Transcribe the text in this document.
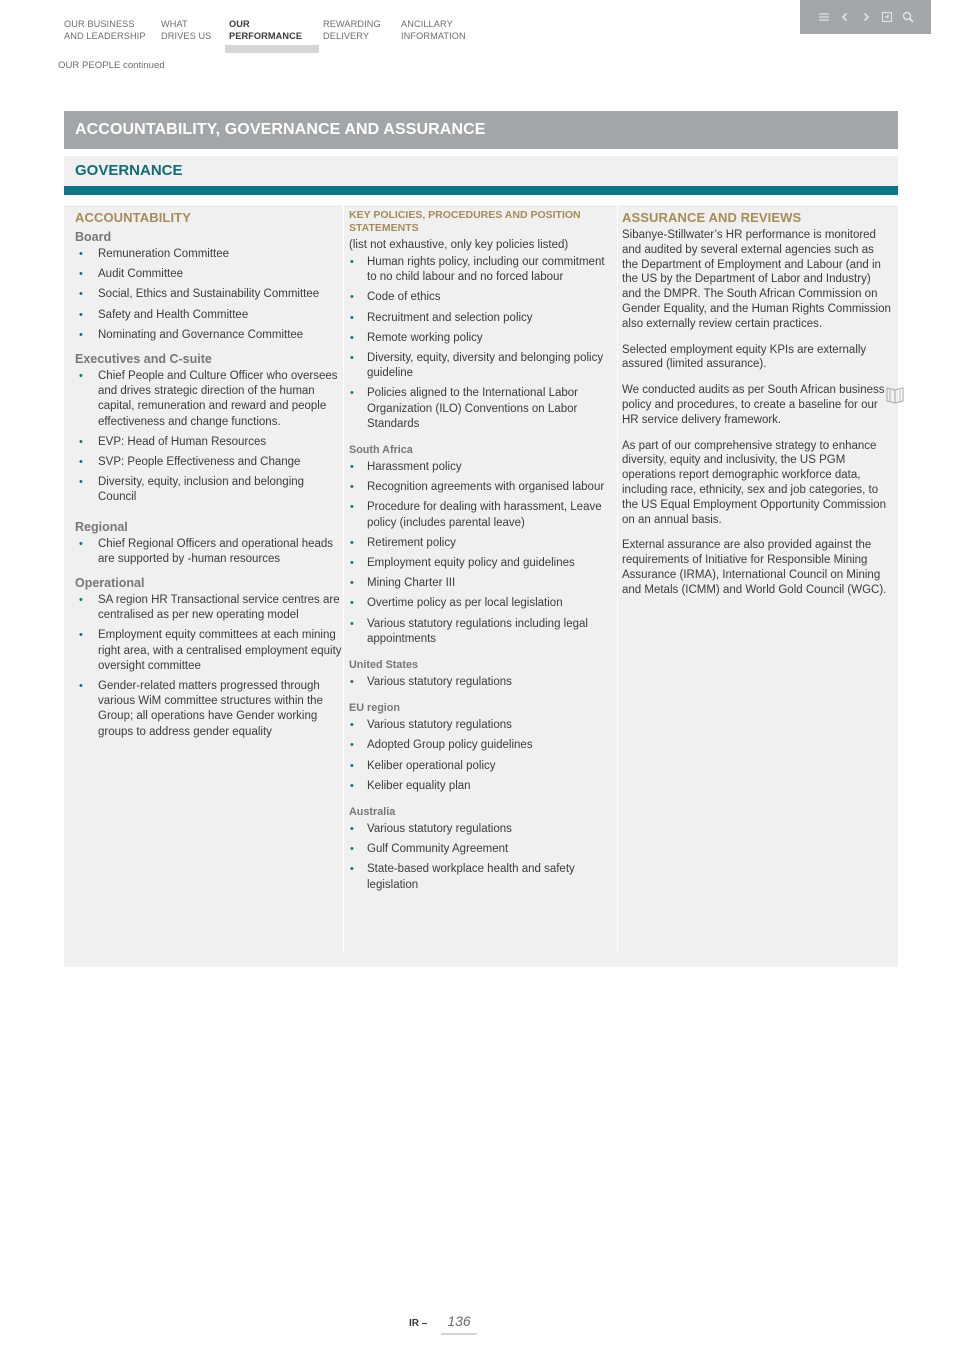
OUR BUSINESS
AND LEADERSHIP
WHAT
DRIVES US
OUR
PERFORMANCE
REWARDING
DELIVERY
ANCILLARY
INFORMATION
OUR PEOPLE continued
ACCOUNTABILITY, GOVERNANCE AND ASSURANCE
GOVERNANCE
ACCOUNTABILITY
Board
• Remuneration Committee
• Audit Committee
• Social, Ethics and Sustainability Committee
• Safety and Health Committee
• Nominating and Governance Committee
Executives and C-suite
• Chief People and Culture Officer who oversees and drives strategic direction of the human capital, remuneration and reward and people effectiveness and change functions.
• EVP: Head of Human Resources
• SVP: People Effectiveness and Change
• Diversity, equity, inclusion and belonging Council
Regional
• Chief Regional Officers and operational heads are supported by -human resources
Operational
• SA region HR Transactional service centres are centralised as per new operating model
• Employment equity committees at each mining right area, with a centralised employment equity oversight committee
• Gender-related matters progressed through various WiM committee structures within the Group; all operations have Gender working groups to address gender equality
KEY POLICIES, PROCEDURES AND POSITION STATEMENTS
(list not exhaustive, only key policies listed)
• Human rights policy, including our commitment to no child labour and no forced labour
• Code of ethics
• Recruitment and selection policy
• Remote working policy
• Diversity, equity, diversity and belonging policy guideline
• Policies aligned to the International Labor Organization (ILO) Conventions on Labor Standards
South Africa
• Harassment policy
• Recognition agreements with organised labour
• Procedure for dealing with harassment, Leave policy (includes parental leave)
• Retirement policy
• Employment equity policy and guidelines
• Mining Charter III
• Overtime policy as per local legislation
• Various statutory regulations including legal appointments
United States
• Various statutory regulations
EU region
• Various statutory regulations
• Adopted Group policy guidelines
• Keliber operational policy
• Keliber equality plan
Australia
• Various statutory regulations
• Gulf Community Agreement
• State-based workplace health and safety legislation
ASSURANCE AND REVIEWS

Sibanye-Stillwater’s HR performance is monitored and audited by several external agencies such as the Department of Employment and Labour (and in the US by the Department of Labor and Industry) and the DMPR. The South African Commission on Gender Equality, and the Human Rights Commission also externally review certain practices.

Selected employment equity KPIs are externally assured (limited assurance).

We conducted audits as per South African business policy and procedures, to create a baseline for our HR service delivery framework.

As part of our comprehensive strategy to enhance diversity, equity and inclusivity, the US PGM operations report demographic workforce data, including race, ethnicity, sex and job categories, to the US Equal Employment Opportunity Commission on an annual basis.

External assurance are also provided against the requirements of Initiative for Responsible Mining Assurance (IRMA), International Council on Mining and Metals (ICMM) and World Gold Council (WGC).

IR – 136
